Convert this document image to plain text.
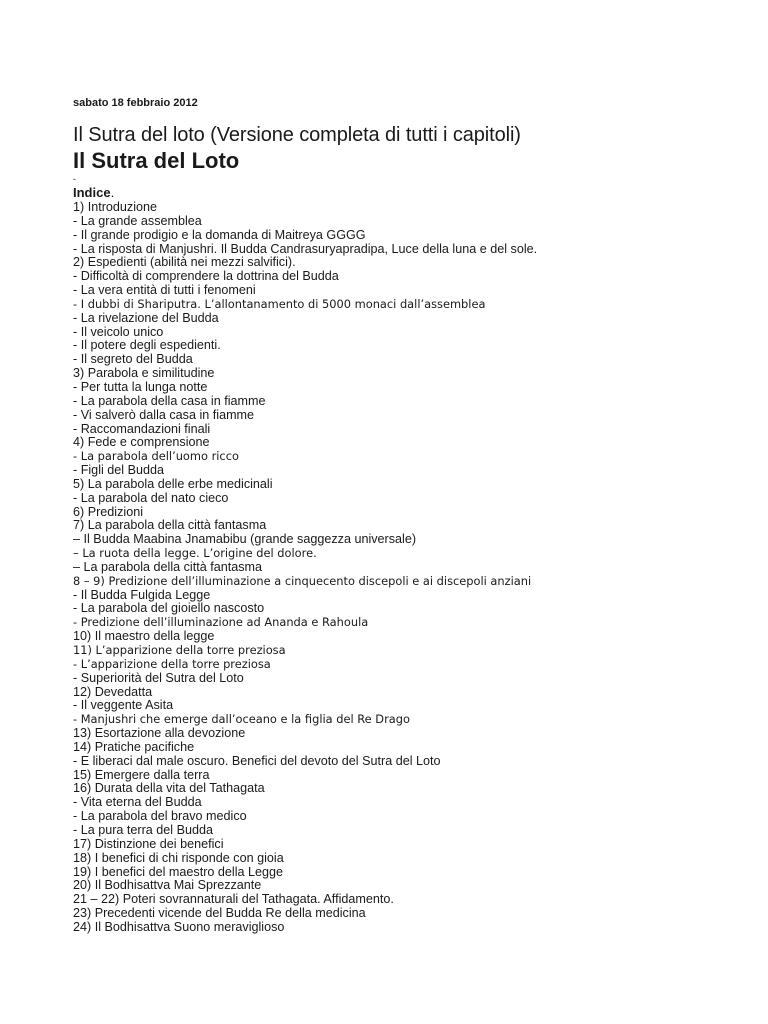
sabato 18 febbraio 2012
Il Sutra del loto (Versione completa di tutti i capitoli)
Il Sutra del Loto
-
Indice.
1) Introduzione
- La grande assemblea
- Il grande prodigio e la domanda di Maitreya GGGG
- La risposta di Manjushri. Il Budda Candrasuryapradipa, Luce della luna e del sole.
2) Espedienti (abilità nei mezzi salvifici).
- Difficoltà di comprendere la dottrina del Budda
- La vera entità di tutti i fenomeni
- I dubbi di Shariputra. L’allontanamento di 5000 monaci dall’assemblea
- La rivelazione del Budda
- Il veicolo unico
- Il potere degli espedienti.
- Il segreto del Budda
3) Parabola e similitudine
- Per tutta la lunga notte
- La parabola della casa in fiamme
- Vi salverò dalla casa in fiamme
- Raccomandazioni finali
4) Fede e comprensione
- La parabola dell’uomo ricco
- Figli del Budda
5) La parabola delle erbe medicinali
- La parabola del nato cieco
6) Predizioni
7) La parabola della città fantasma
– Il Budda Maabina Jnamabibu (grande saggezza universale)
– La ruota della legge. L’origine del dolore.
– La parabola della città fantasma
8 – 9) Predizione dell’illuminazione a cinquecento discepoli e ai discepoli anziani
- Il Budda Fulgida Legge
- La parabola del gioiello nascosto
- Predizione dell’illuminazione ad Ananda e Rahoula
10) Il maestro della legge
11) L’apparizione della torre preziosa
- L’apparizione della torre preziosa
- Superiorità del Sutra del Loto
12) Devedatta
- Il veggente Asita
- Manjushri che emerge dall’oceano e la figlia del Re Drago
13) Esortazione alla devozione
14) Pratiche pacifiche
- E liberaci dal male oscuro. Benefici del devoto del Sutra del Loto
15) Emergere dalla terra
16) Durata della vita del Tathagata
- Vita eterna del Budda
- La parabola del bravo medico
- La pura terra del Budda
17) Distinzione dei benefici
18) I benefici di chi risponde con gioia
19) I benefici del maestro della Legge
20) Il Bodhisattva Mai Sprezzante
21 – 22) Poteri sovrannaturali del Tathagata. Affidamento.
23) Precedenti vicende del Budda Re della medicina
24) Il Bodhisattva Suono meraviglioso
